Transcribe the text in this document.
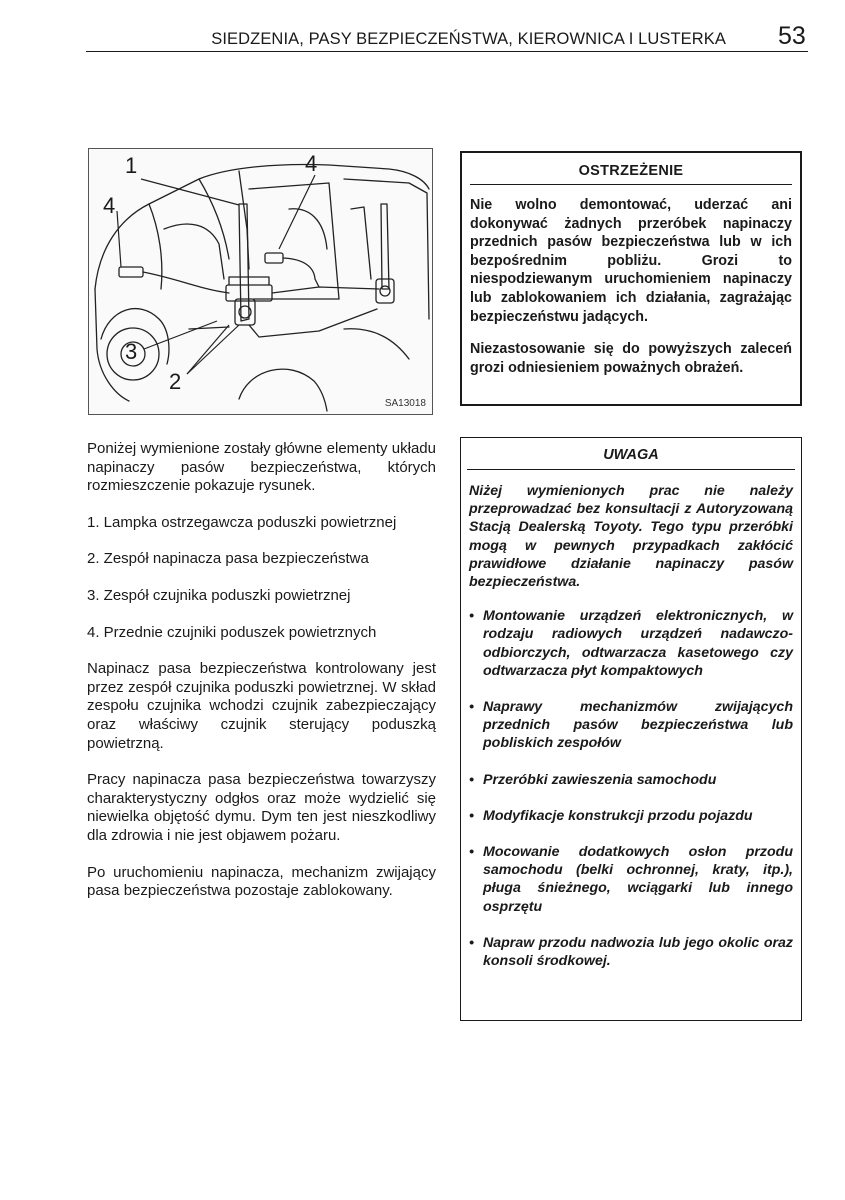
SIEDZENIA, PASY BEZPIECZEŃSTWA, KIEROWNICA I LUSTERKA 53
1	4
4
3
2
SA13018
OSTRZEŻENIE
Nie wolno demontować, uderzać ani dokonywać żadnych przeróbek napinaczy przednich pasów bezpieczeństwa lub w ich bezpośrednim pobliżu. Grozi to niespodziewanym uruchomieniem napinaczy lub zablokowaniem ich działania, zagrażając bezpieczeństwu jadących.
Niezastosowanie się do powyższych zaleceń grozi odniesieniem poważnych obrażeń.

Poniżej wymienione zostały główne elementy układu napinaczy pasów bezpieczeństwa, których rozmieszczenie pokazuje rysunek.

1. Lampka ostrzegawcza poduszki powietrznej
2. Zespół napinacza pasa bezpieczeństwa
3. Zespół czujnika poduszki powietrznej
4. Przednie czujniki poduszek powietrznych

Napinacz pasa bezpieczeństwa kontrolowany jest przez zespół czujnika poduszki powietrznej. W skład zespołu czujnika wchodzi czujnik zabezpieczający oraz właściwy czujnik sterujący poduszką powietrzną.

Pracy napinacza pasa bezpieczeństwa towarzyszy charakterystyczny odgłos oraz może wydzielić się niewielka objętość dymu. Dym ten jest nieszkodliwy dla zdrowia i nie jest objawem pożaru.

Po uruchomieniu napinacza, mechanizm zwijający pasa bezpieczeństwa pozostaje zablokowany.

UWAGA
Niżej wymienionych prac nie należy przeprowadzać bez konsultacji z Autoryzowaną Stacją Dealerską Toyoty. Tego typu przeróbki mogą w pewnych przypadkach zakłócić prawidłowe działanie napinaczy pasów bezpieczeństwa.
• Montowanie urządzeń elektronicznych, w rodzaju radiowych urządzeń nadawczo-odbiorczych, odtwarzacza kasetowego czy odtwarzacza płyt kompaktowych
• Naprawy mechanizmów zwijających przednich pasów bezpieczeństwa lub pobliskich zespołów
• Przeróbki zawieszenia samochodu
• Modyfikacje konstrukcji przodu pojazdu
• Mocowanie dodatkowych osłon przodu samochodu (belki ochronnej, kraty, itp.), pługa śnieżnego, wciągarki lub innego osprzętu
• Napraw przodu nadwozia lub jego okolic oraz konsoli środkowej.
